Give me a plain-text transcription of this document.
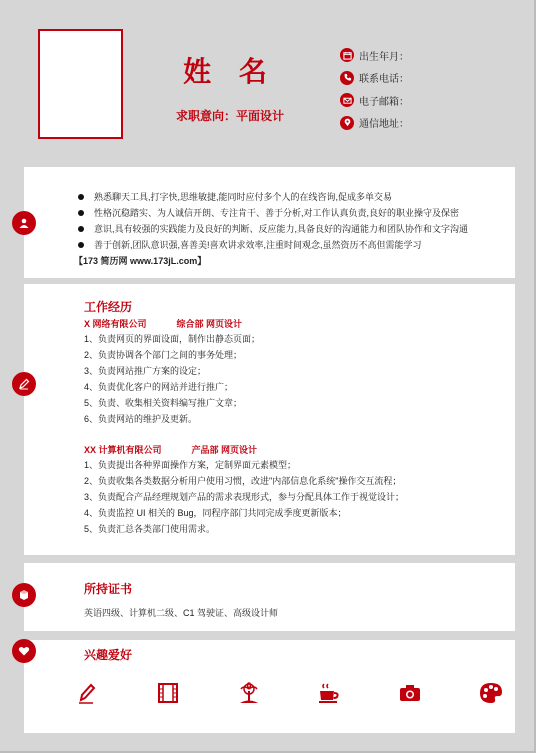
姓 名
求职意向：平面设计
出生年月：
联系电话：
电子邮箱：
通信地址：
熟悉聊天工具,打字快,思维敏捷,能同时应付多个人的在线咨询,促成多单交易
性格沉稳踏实、为人诚信开朗、专注肯干、善于分析,对工作认真负责,良好的职业操守及保密
意识,具有较强的实践能力及良好的判断、反应能力,具备良好的沟通能力和团队协作和文字沟通
善于创新,团队意识强,喜善美!喜欢讲求效率,注重时间观念,虽然资历不高但需能学习
【173 简历网 www.173jL.com】
工作经历
X 网络有限公司	综合部 网页设计
1、负责网页的界面设面，制作出静态页面；
2、负责协调各个部门之间的事务处理；
3、负责网站推广方案的设定；
4、负责优化客户的网站并进行推广；
5、负责、收集相关资料编写推广文章；
6、负责网站的维护及更新。
XX 计算机有限公司	产品部 网页设计
1、负责提出各种界面操作方案，定制界面元素模型；
2、负责收集各类数据分析用户使用习惯，改进"内部信息化系统"操作交互流程；
3、负责配合产品经理规划产品的需求表现形式，参与分配具体工作于视觉设计；
4、负责监控 UI 相关的 Bug，同程序部门共同完成季度更新版本；
5、负责汇总各类部门使用需求。
所持证书
英语四级、计算机二级、C1 驾驶证、高级设计师
兴趣爱好
